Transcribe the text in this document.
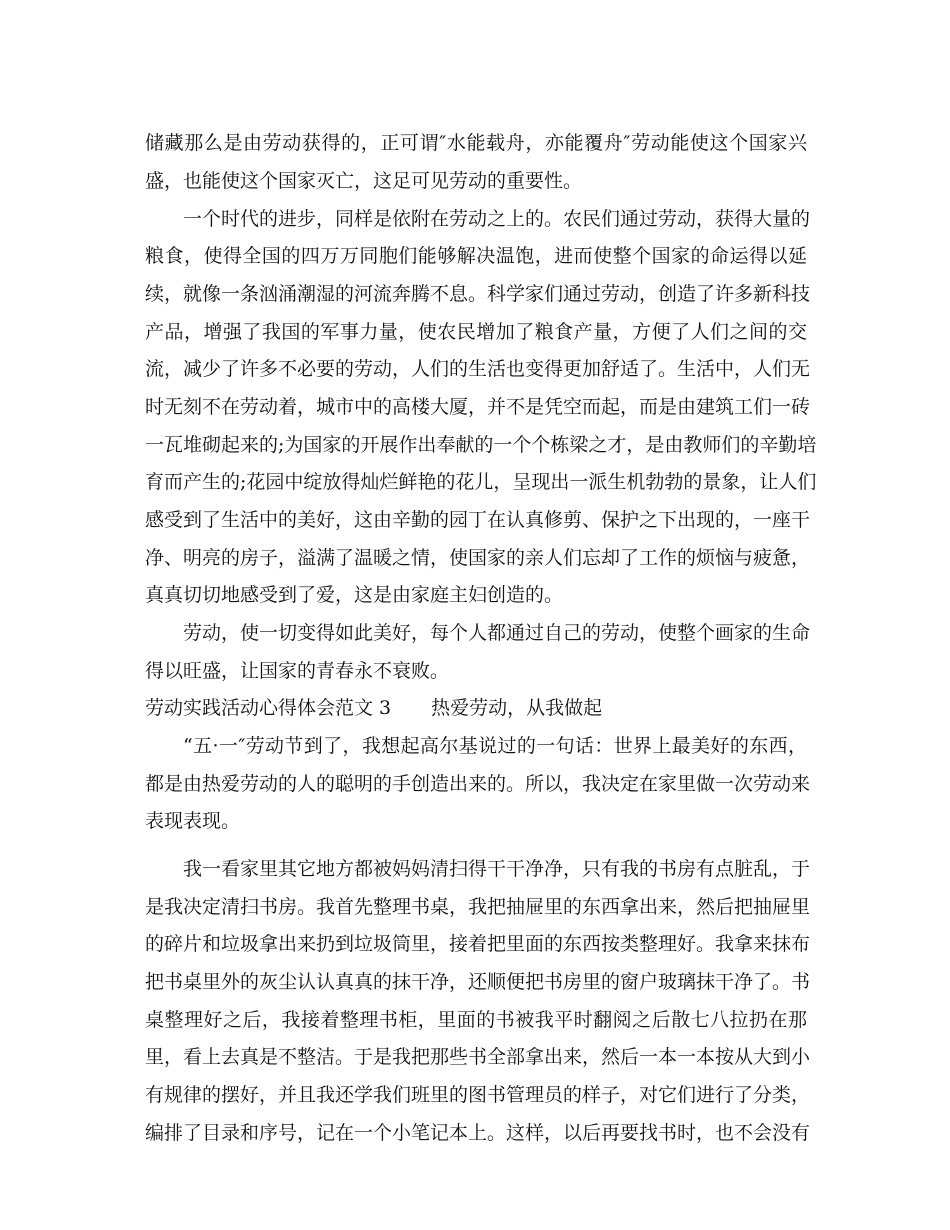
储藏那么是由劳动获得的，正可谓″水能载舟，亦能覆舟″劳动能使这个国家兴

盛，也能使这个国家灭亡，这足可见劳动的重要性。

一个时代的进步，同样是依附在劳动之上的。农民们通过劳动，获得大量的

粮食，使得全国的四万万同胞们能够解决温饱，进而使整个国家的命运得以延

续，就像一条汹涌潮湿的河流奔腾不息。科学家们通过劳动，创造了许多新科技

产品，增强了我国的军事力量，使农民增加了粮食产量，方便了人们之间的交

流，减少了许多不必要的劳动，人们的生活也变得更加舒适了。生活中，人们无

时无刻不在劳动着，城市中的高楼大厦，并不是凭空而起，而是由建筑工们一砖

一瓦堆砌起来的;为国家的开展作出奉献的一个个栋梁之才，是由教师们的辛勤培

育而产生的;花园中绽放得灿烂鲜艳的花儿，呈现出一派生机勃勃的景象，让人们

感受到了生活中的美好，这由辛勤的园丁在认真修剪、保护之下出现的，一座干

净、明亮的房子，溢满了温暖之情，使国家的亲人们忘却了工作的烦恼与疲惫，

真真切切地感受到了爱，这是由家庭主妇创造的。

劳动，使一切变得如此美好，每个人都通过自己的劳动，使整个画家的生命

得以旺盛，让国家的青春永不衰败。

劳动实践活动心得体会范文 3 热爱劳动，从我做起

“五·一″劳动节到了，我想起高尔基说过的一句话：世界上最美好的东西，

都是由热爱劳动的人的聪明的手创造出来的。所以，我决定在家里做一次劳动来

表现表现。

我一看家里其它地方都被妈妈清扫得干干净净，只有我的书房有点脏乱，于

是我决定清扫书房。我首先整理书桌，我把抽屉里的东西拿出来，然后把抽屉里

的碎片和垃圾拿出来扔到垃圾筒里，接着把里面的东西按类整理好。我拿来抹布

把书桌里外的灰尘认认真真的抹干净，还顺便把书房里的窗户玻璃抹干净了。书

桌整理好之后，我接着整理书柜，里面的书被我平时翻阅之后散七八拉扔在那

里，看上去真是不整洁。于是我把那些书全部拿出来，然后一本一本按从大到小

有规律的摆好，并且我还学我们班里的图书管理员的样子，对它们进行了分类，

编排了目录和序号，记在一个小笔记本上。这样，以后再要找书时，也不会没有
